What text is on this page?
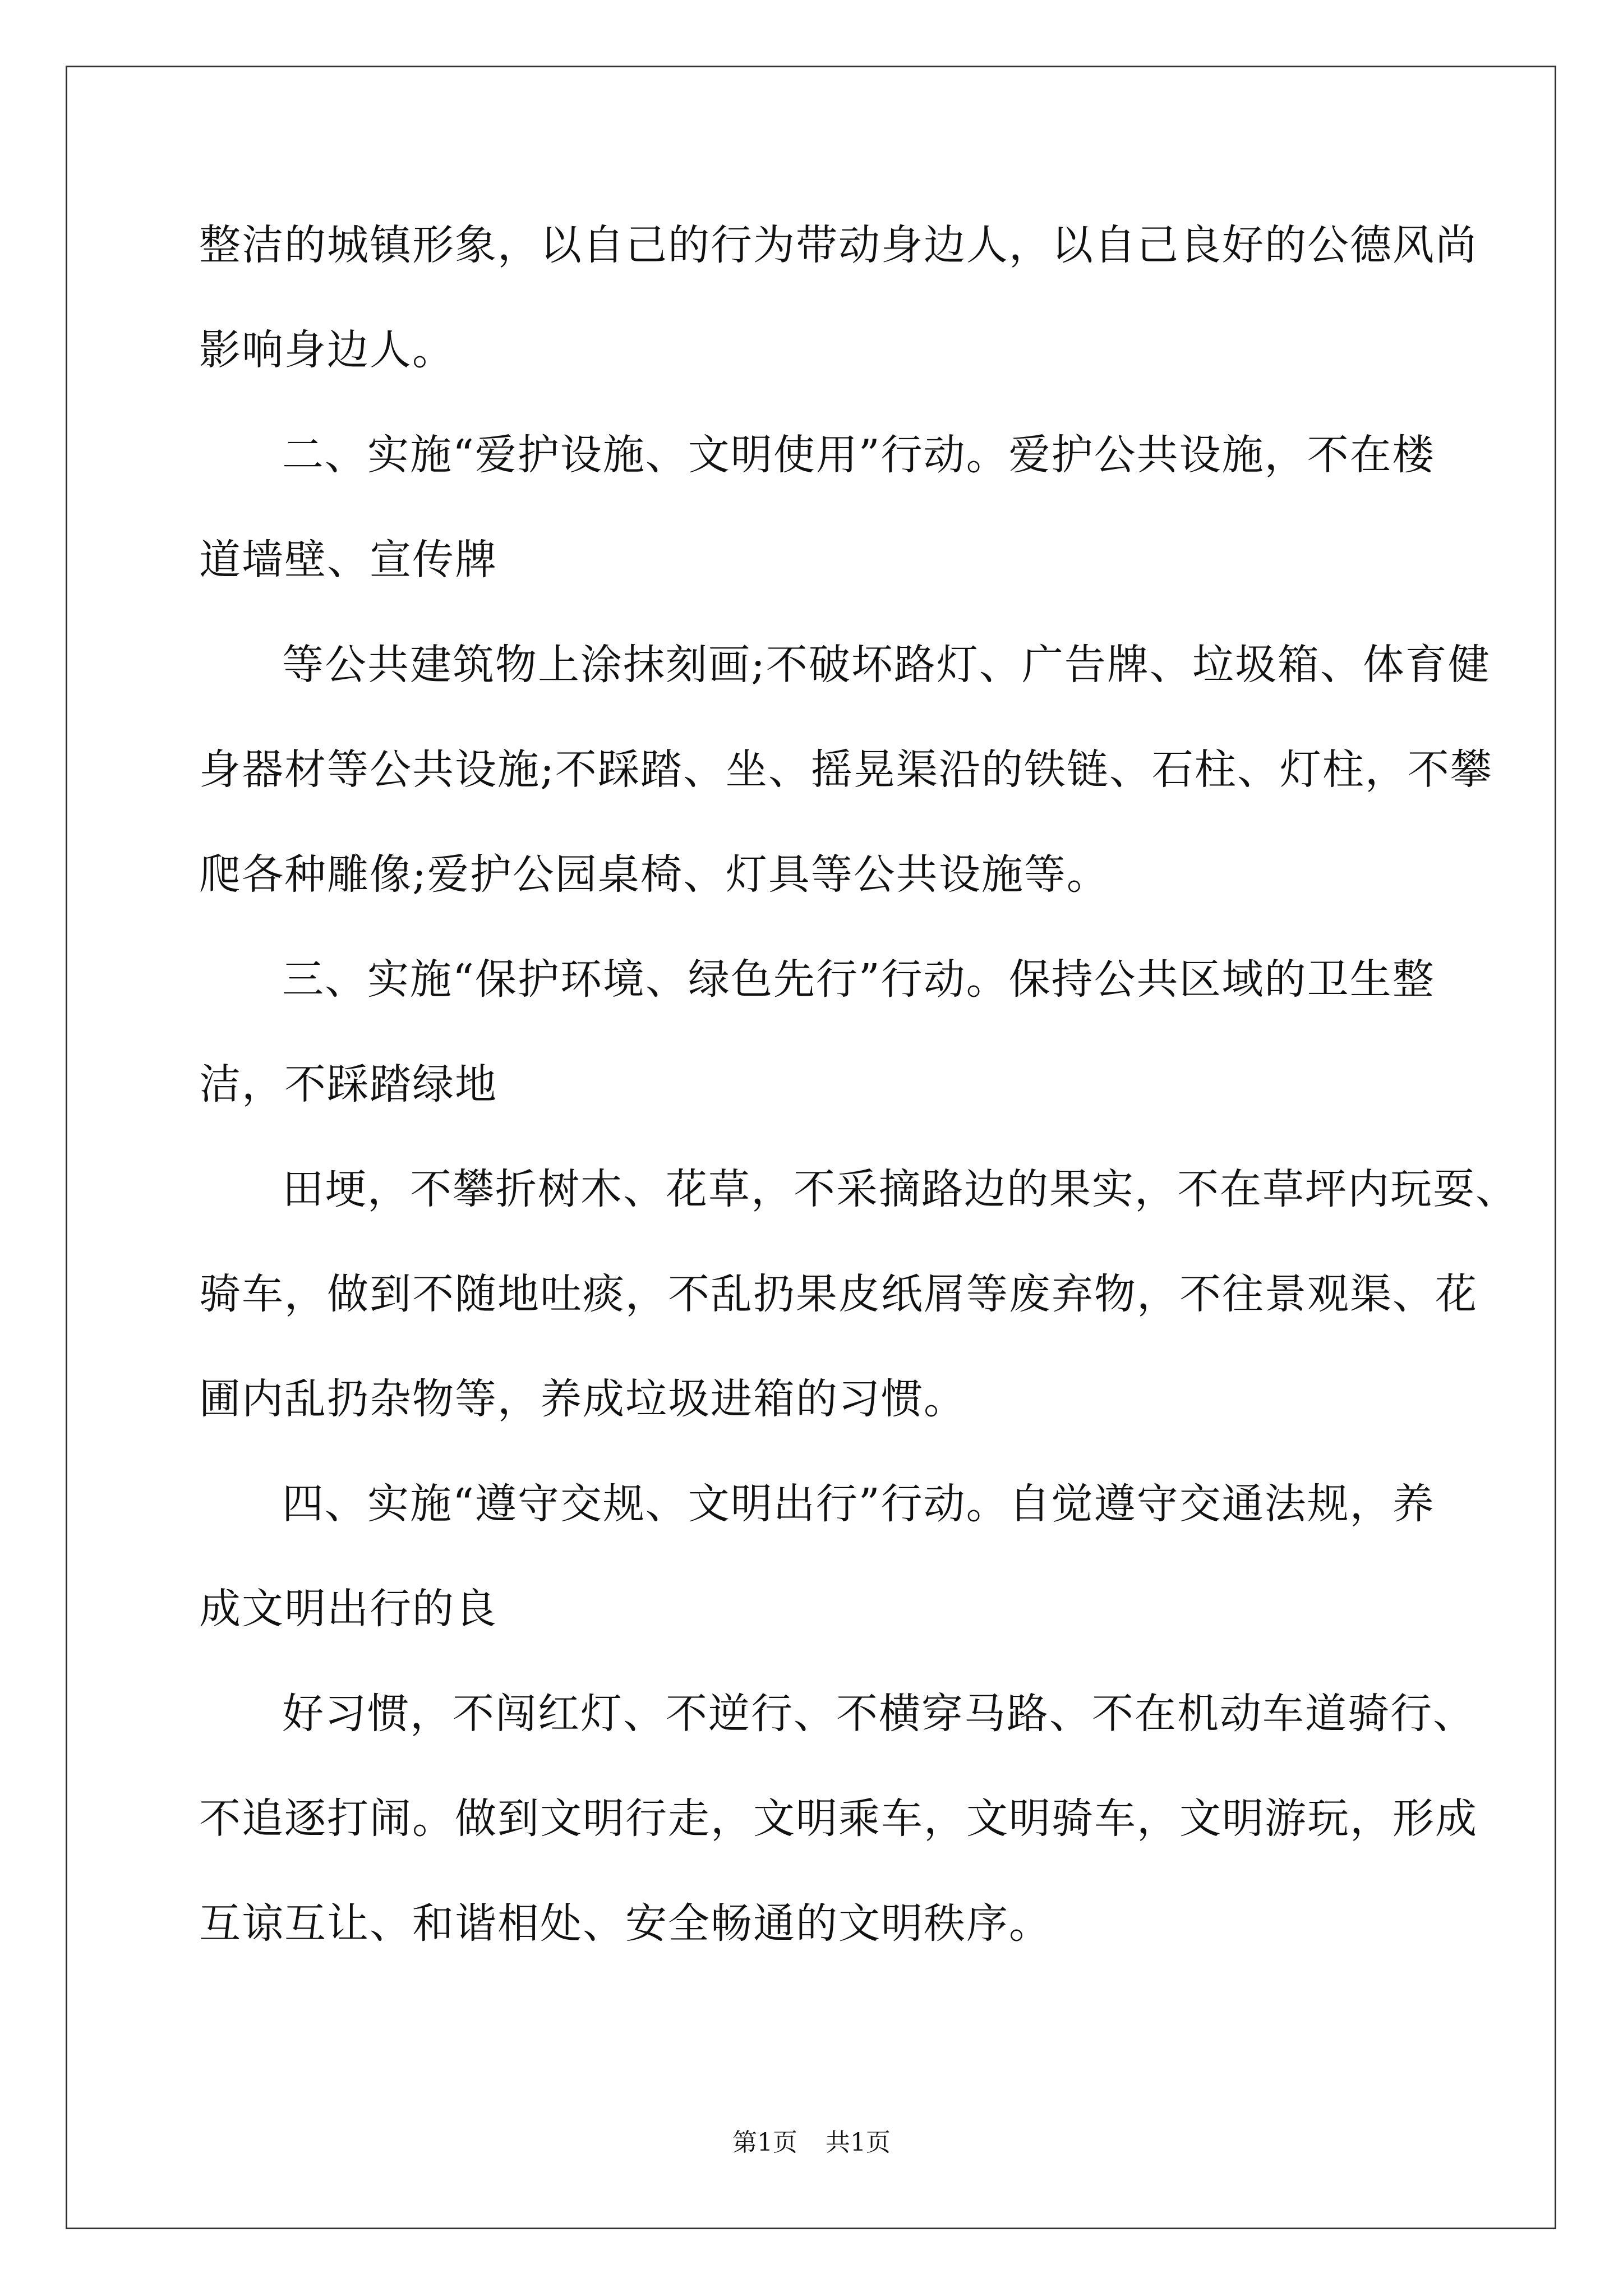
整洁的城镇形象，以自己的行为带动身边人，以自己良好的公德风尚
影响身边人。
二、实施“爱护设施、文明使用”行动。爱护公共设施，不在楼
道墙壁、宣传牌
等公共建筑物上涂抹刻画;不破坏路灯、广告牌、垃圾箱、体育健
身器材等公共设施;不踩踏、坐、摇晃渠沿的铁链、石柱、灯柱，不攀
爬各种雕像;爱护公园桌椅、灯具等公共设施等。
三、实施“保护环境、绿色先行”行动。保持公共区域的卫生整
洁，不踩踏绿地
田埂，不攀折树木、花草，不采摘路边的果实，不在草坪内玩耍、
骑车，做到不随地吐痰，不乱扔果皮纸屑等废弃物，不往景观渠、花
圃内乱扔杂物等，养成垃圾进箱的习惯。
四、实施“遵守交规、文明出行”行动。自觉遵守交通法规，养
成文明出行的良
好习惯，不闯红灯、不逆行、不横穿马路、不在机动车道骑行、
不追逐打闹。做到文明行走，文明乘车，文明骑车，文明游玩，形成
互谅互让、和谐相处、安全畅通的文明秩序。
第1页 共1页
